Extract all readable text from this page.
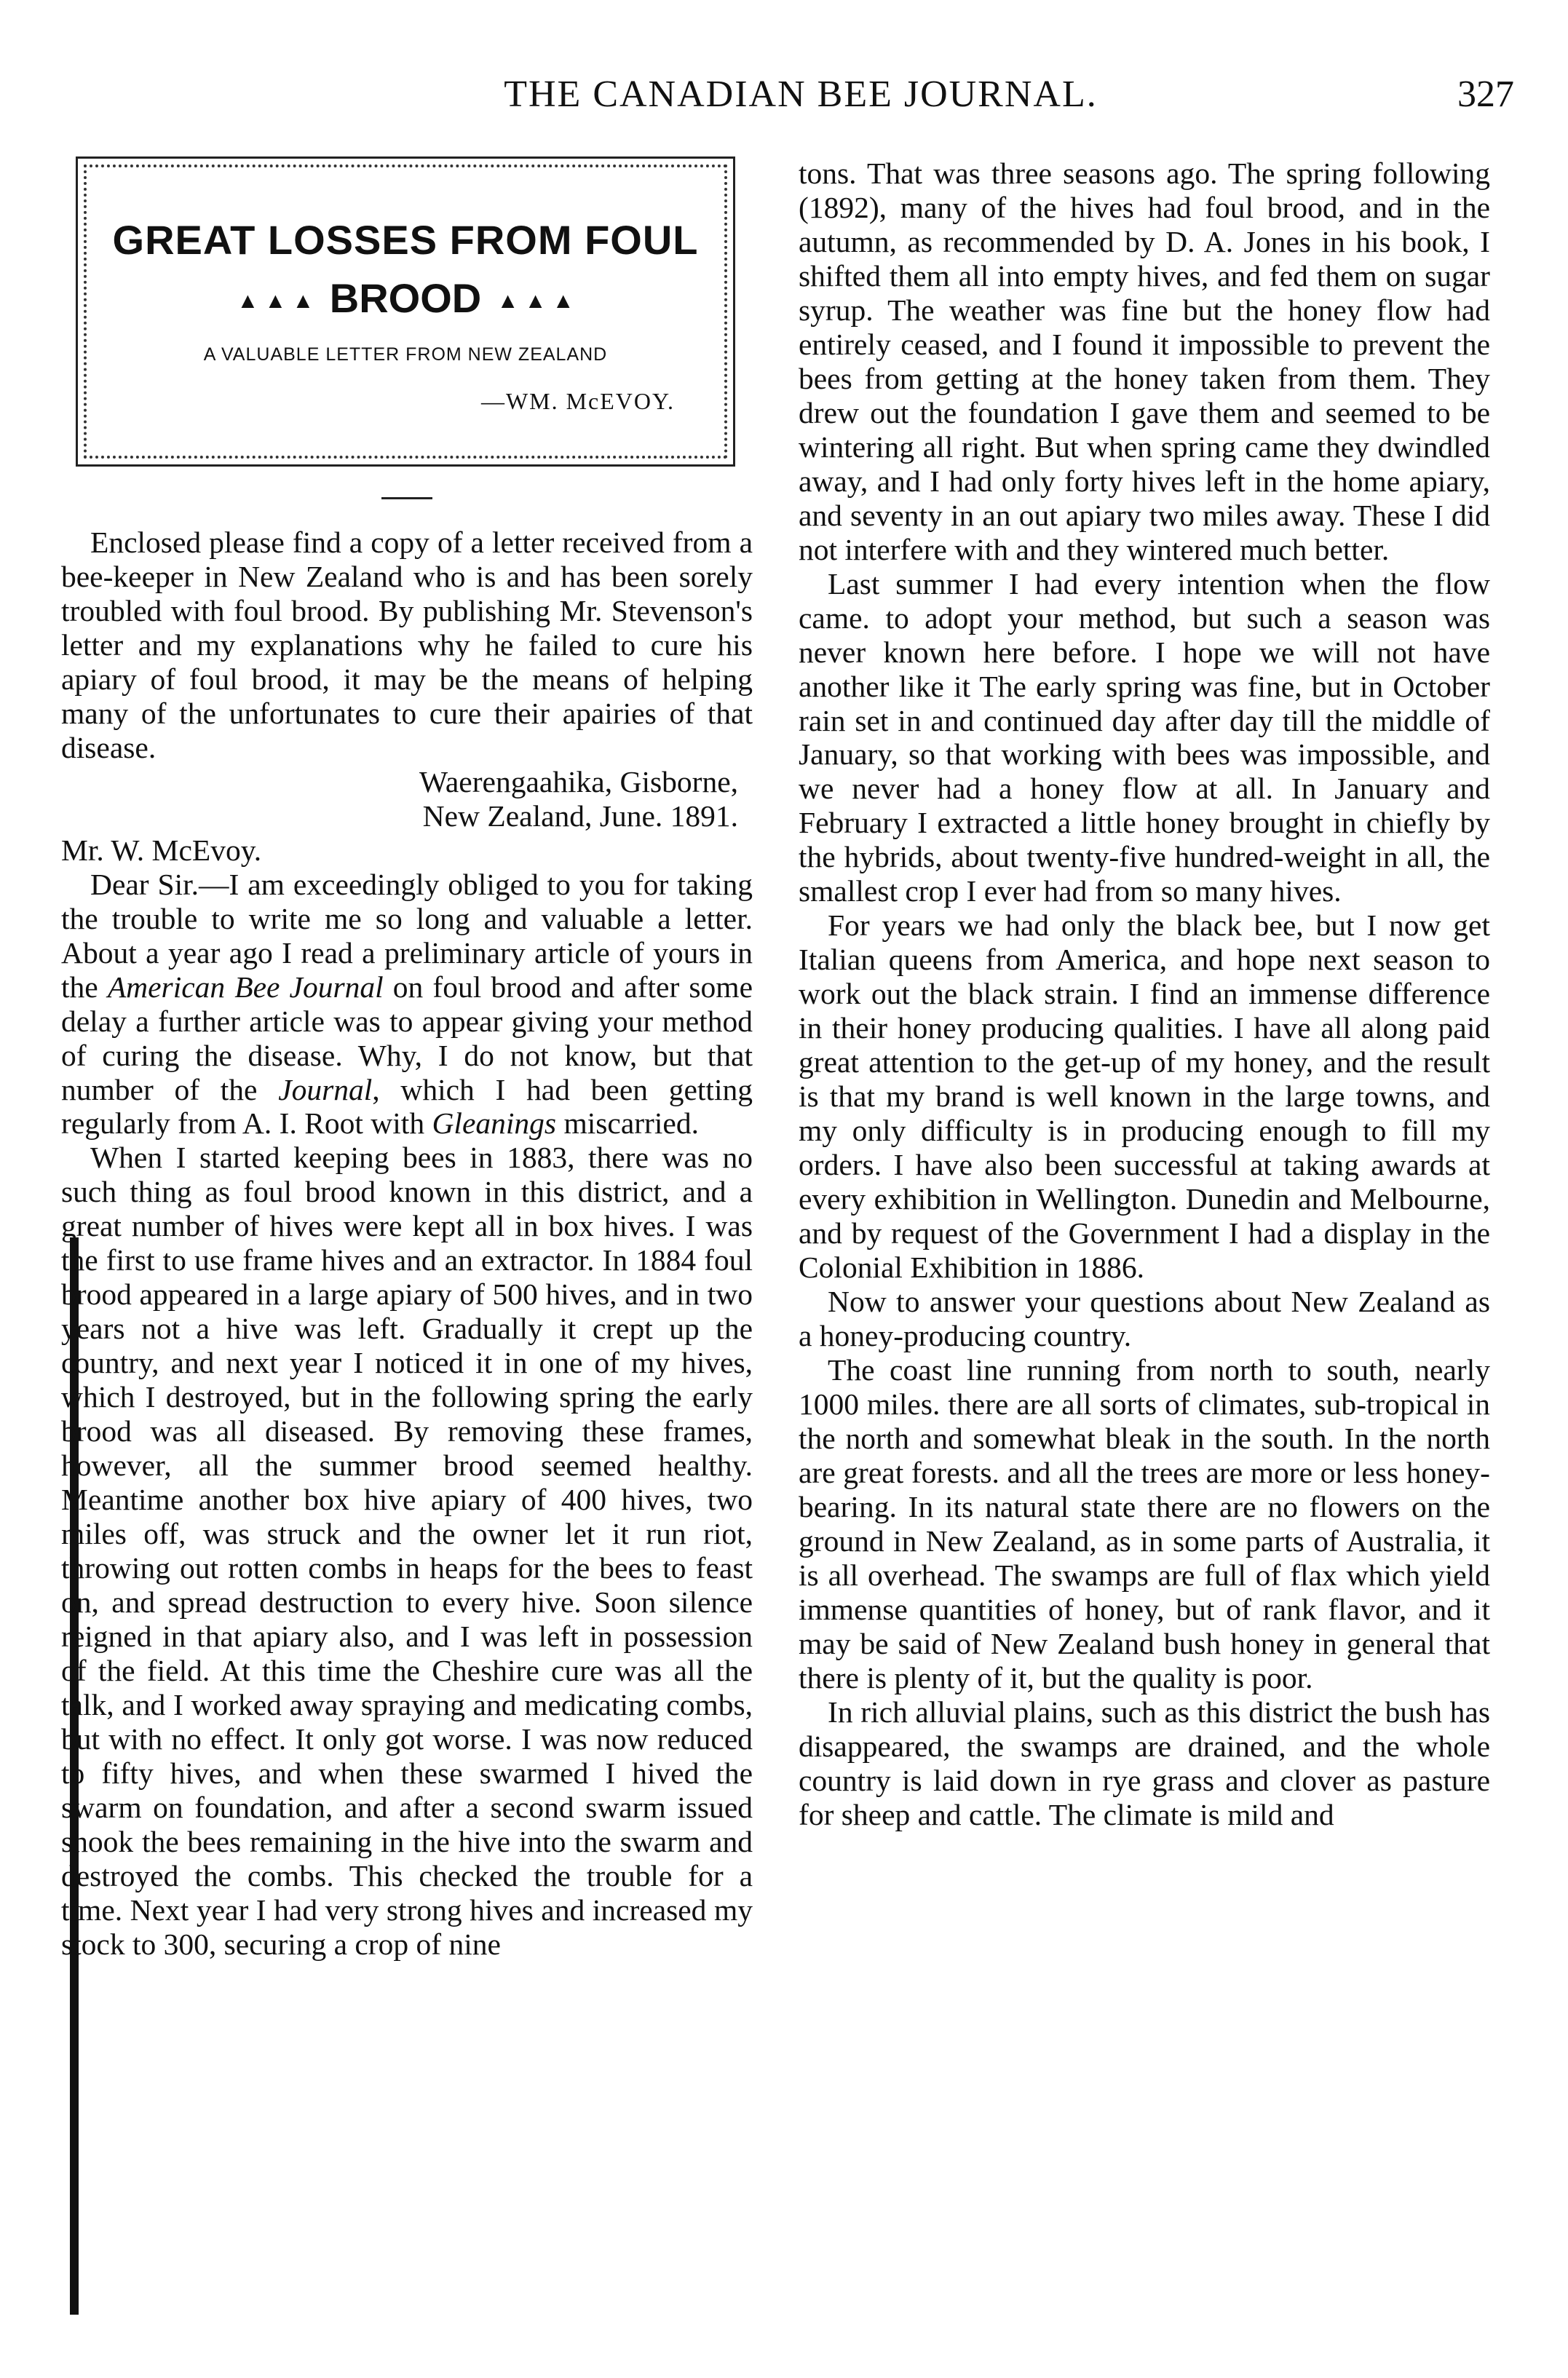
THE CANADIAN BEE JOURNAL.	327
GREAT LOSSES FROM FOUL
▲ ▲ ▲ BROOD ▲ ▲ ▲
A VALUABLE LETTER FROM NEW ZEALAND
—WM. McEVOY.

Enclosed please find a copy of a letter received from a bee-keeper in New Zealand who is and has been sorely troubled with foul brood. By publishing Mr. Stevenson's letter and my explanations why he failed to cure his apiary of foul brood, it may be the means of helping many of the unfortunates to cure their apairies of that disease.

Waerengaahika, Gisborne,

New Zealand, June. 1891.

Mr. W. McEvoy.

Dear Sir.—I am exceedingly obliged to you for taking the trouble to write me so long and valuable a letter. About a year ago I read a preliminary article of yours in the American Bee Journal on foul brood and after some delay a further article was to appear giving your method of curing the disease. Why, I do not know, but that number of the Journal, which I had been getting regularly from A. I. Root with Gleanings miscarried.

When I started keeping bees in 1883, there was no such thing as foul brood known in this district, and a great number of hives were kept all in box hives. I was the first to use frame hives and an extractor. In 1884 foul brood appeared in a large apiary of 500 hives, and in two years not a hive was left. Gradually it crept up the country, and next year I noticed it in one of my hives, which I destroyed, but in the following spring the early brood was all diseased. By removing these frames, however, all the summer brood seemed healthy. Meantime another box hive apiary of 400 hives, two miles off, was struck and the owner let it run riot, throwing out rotten combs in heaps for the bees to feast on, and spread destruction to every hive. Soon silence reigned in that apiary also, and I was left in possession of the field. At this time the Cheshire cure was all the talk, and I worked away spraying and medicating combs, but with no effect. It only got worse. I was now reduced to fifty hives, and when these swarmed I hived the swarm on foundation, and after a second swarm issued shook the bees remaining in the hive into the swarm and destroyed the combs. This checked the trouble for a time. Next year I had very strong hives and increased my stock to 300, securing a crop of nine

tons. That was three seasons ago. The spring following (1892), many of the hives had foul brood, and in the autumn, as recommended by D. A. Jones in his book, I shifted them all into empty hives, and fed them on sugar syrup. The weather was fine but the honey flow had entirely ceased, and I found it impossible to prevent the bees from getting at the honey taken from them. They drew out the foundation I gave them and seemed to be wintering all right. But when spring came they dwindled away, and I had only forty hives left in the home apiary, and seventy in an out apiary two miles away. These I did not interfere with and they wintered much better.

Last summer I had every intention when the flow came. to adopt your method, but such a season was never known here before. I hope we will not have another like it The early spring was fine, but in October rain set in and continued day after day till the middle of January, so that working with bees was impossible, and we never had a honey flow at all. In January and February I extracted a little honey brought in chiefly by the hybrids, about twenty-five hundred-weight in all, the smallest crop I ever had from so many hives.

For years we had only the black bee, but I now get Italian queens from America, and hope next season to work out the black strain. I find an immense difference in their honey producing qualities. I have all along paid great attention to the get-up of my honey, and the result is that my brand is well known in the large towns, and my only difficulty is in producing enough to fill my orders. I have also been successful at taking awards at every exhibition in Wellington. Dunedin and Melbourne, and by request of the Government I had a display in the Colonial Exhibition in 1886.

Now to answer your questions about New Zealand as a honey-producing country.

The coast line running from north to south, nearly 1000 miles. there are all sorts of climates, sub-tropical in the north and somewhat bleak in the south. In the north are great forests. and all the trees are more or less honey-bearing. In its natural state there are no flowers on the ground in New Zealand, as in some parts of Australia, it is all overhead. The swamps are full of flax which yield immense quantities of honey, but of rank flavor, and it may be said of New Zealand bush honey in general that there is plenty of it, but the quality is poor.

In rich alluvial plains, such as this district the bush has disappeared, the swamps are drained, and the whole country is laid down in rye grass and clover as pasture for sheep and cattle. The climate is mild and
